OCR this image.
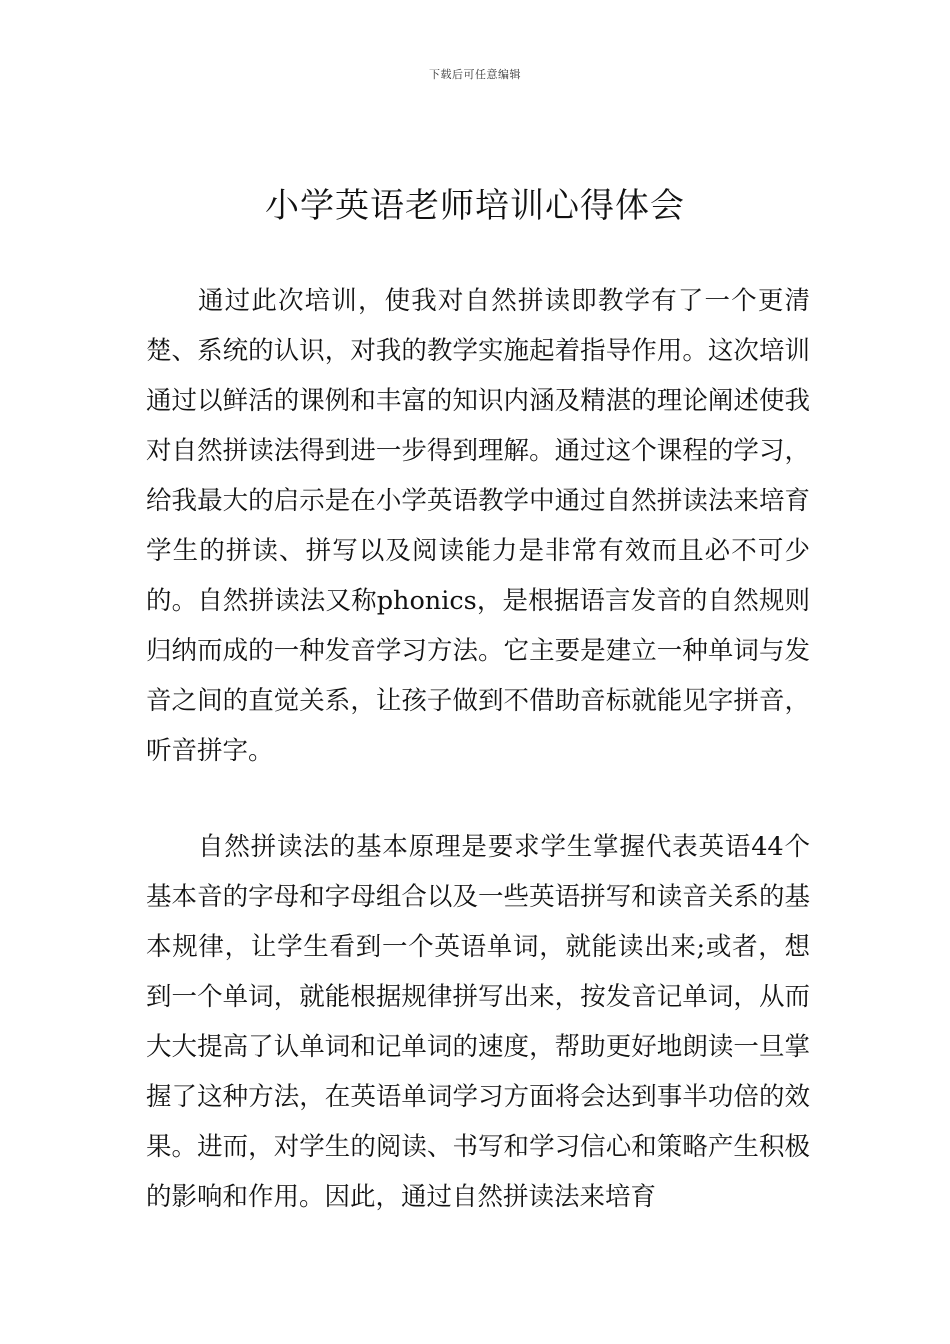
下载后可任意编辑
小学英语老师培训心得体会

通过此次培训，使我对自然拼读即教学有了一个更清楚、系统的认识，对我的教学实施起着指导作用。这次培训通过以鲜活的课例和丰富的知识内涵及精湛的理论阐述使我对自然拼读法得到进一步得到理解。通过这个课程的学习，给我最大的启示是在小学英语教学中通过自然拼读法来培育学生的拼读、拼写以及阅读能力是非常有效而且必不可少的。自然拼读法又称phonics，是根据语言发音的自然规则归纳而成的一种发音学习方法。它主要是建立一种单词与发音之间的直觉关系，让孩子做到不借助音标就能见字拼音，听音拼字。

自然拼读法的基本原理是要求学生掌握代表英语44个基本音的字母和字母组合以及一些英语拼写和读音关系的基本规律，让学生看到一个英语单词，就能读出来;或者，想到一个单词，就能根据规律拼写出来，按发音记单词，从而大大提高了认单词和记单词的速度，帮助更好地朗读一旦掌握了这种方法，在英语单词学习方面将会达到事半功倍的效果。进而，对学生的阅读、书写和学习信心和策略产生积极的影响和作用。因此，通过自然拼读法来培育
